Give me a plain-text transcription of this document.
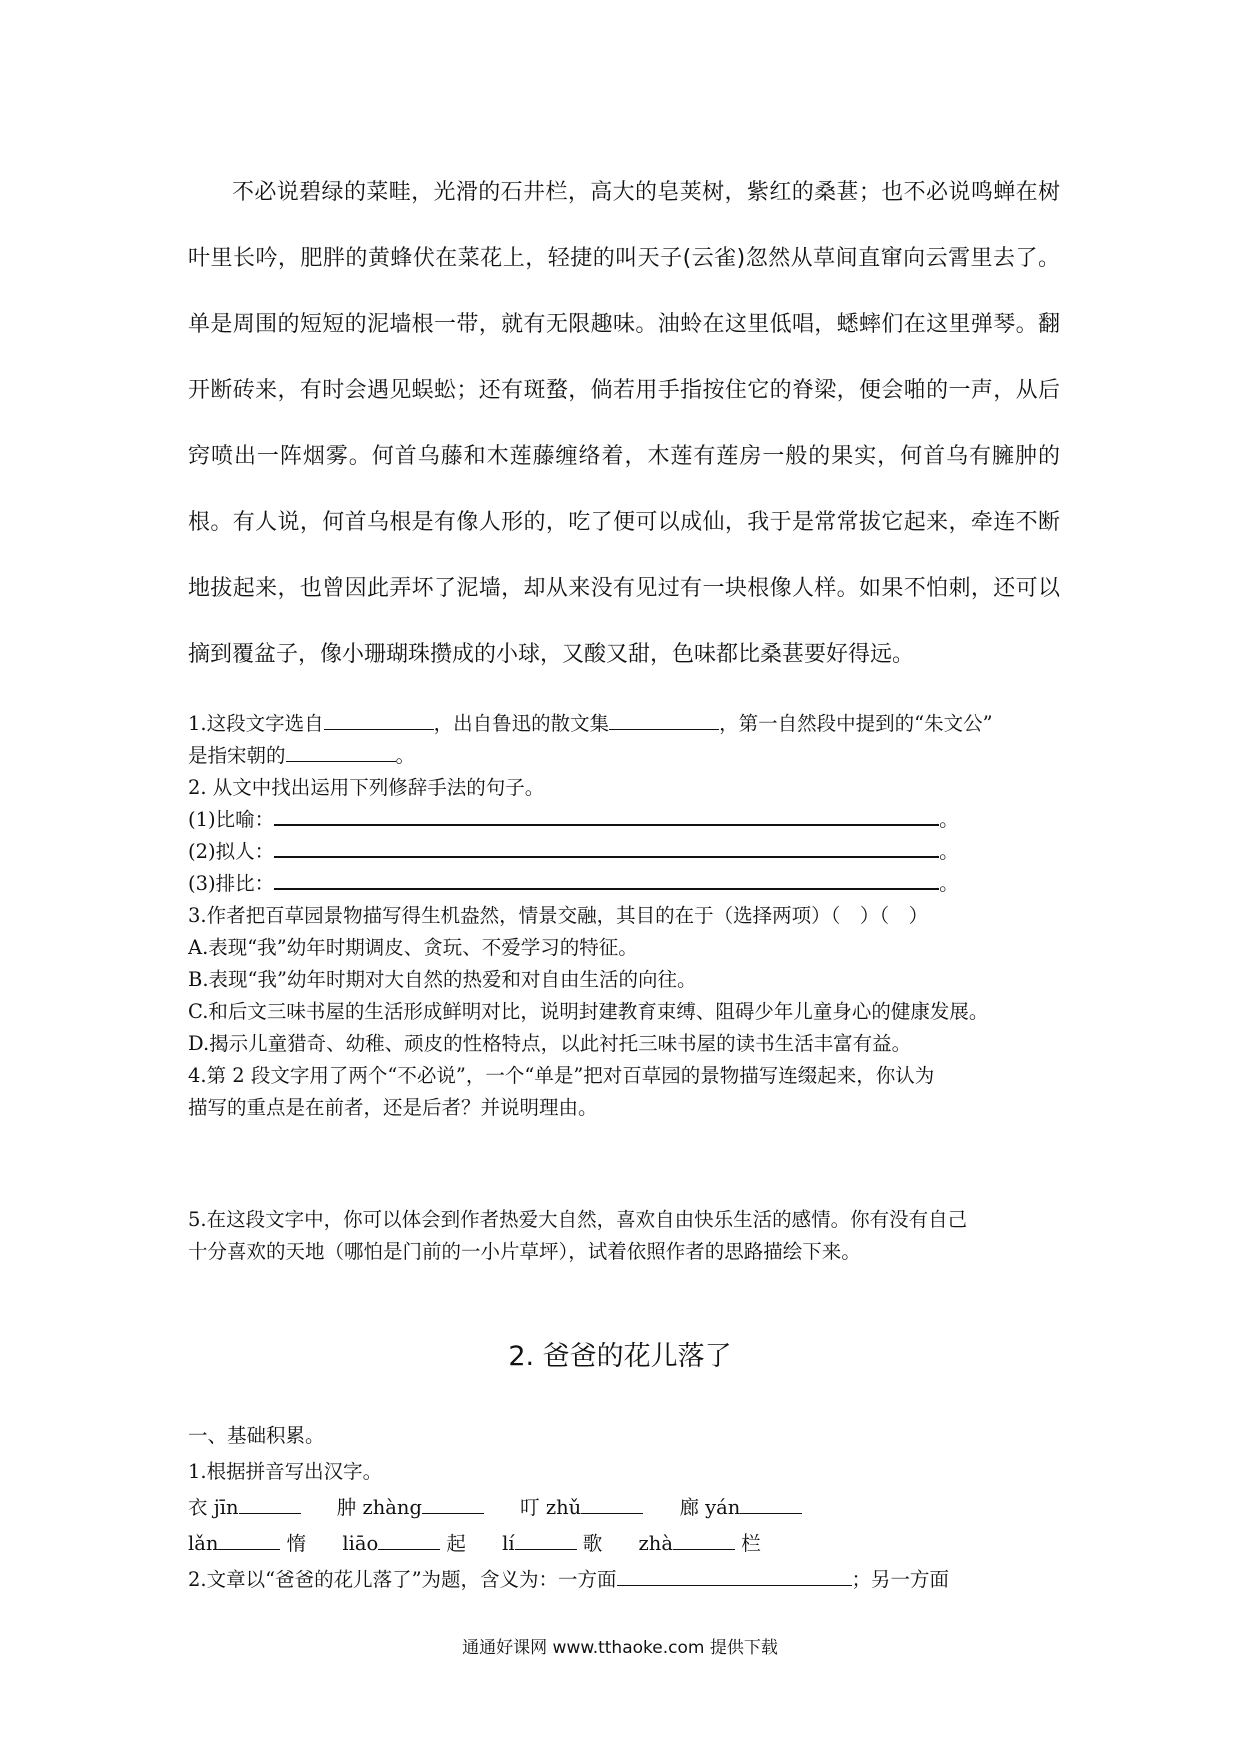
不必说碧绿的菜畦，光滑的石井栏，高大的皂荚树，紫红的桑葚；也不必说鸣蝉在树叶里长吟，肥胖的黄蜂伏在菜花上，轻捷的叫天子(云雀)忽然从草间直窜向云霄里去了。单是周围的短短的泥墙根一带，就有无限趣味。油蛉在这里低唱，蟋蟀们在这里弹琴。翻开断砖来，有时会遇见蜈蚣；还有斑蝥，倘若用手指按住它的脊梁，便会啪的一声，从后窍喷出一阵烟雾。何首乌藤和木莲藤缠络着，木莲有莲房一般的果实，何首乌有臃肿的根。有人说，何首乌根是有像人形的，吃了便可以成仙，我于是常常拔它起来，牵连不断地拔起来，也曾因此弄坏了泥墙，却从来没有见过有一块根像人样。如果不怕刺，还可以摘到覆盆子，像小珊瑚珠攒成的小球，又酸又甜，色味都比桑葚要好得远。

1.这段文字选自	，出自鲁迅的散文集	，第一自然段中提到的“朱文公”
是指宋朝的	。
2. 从文中找出运用下列修辞手法的句子。
(1)比喻：	。
(2)拟人：	。
(3)排比：	。
3.作者把百草园景物描写得生机盎然，情景交融，其目的在于（选择两项）（　）（　）
A.表现“我”幼年时期调皮、贪玩、不爱学习的特征。
B.表现“我”幼年时期对大自然的热爱和对自由生活的向往。
C.和后文三味书屋的生活形成鲜明对比，说明封建教育束缚、阻碍少年儿童身心的健康发展。
D.揭示儿童猎奇、幼稚、顽皮的性格特点，以此衬托三味书屋的读书生活丰富有益。
4.第 2 段文字用了两个“不必说”，一个“单是”把对百草园的景物描写连缀起来，你认为
描写的重点是在前者，还是后者？并说明理由。
5.在这段文字中，你可以体会到作者热爱大自然，喜欢自由快乐生活的感情。你有没有自己
十分喜欢的天地（哪怕是门前的一小片草坪），试着依照作者的思路描绘下来。
2. 爸爸的花儿落了
一、基础积累。
1.根据拼音写出汉字。
衣 jīn	肿 zhàng	叮 zhǔ	廊 yán
lǎn	惰 liāo	起 lí	歌 zhà	栏
2.文章以“爸爸的花儿落了”为题，含义为：一方面	；另一方面
通通好课网 www.tthaoke.com 提供下载
